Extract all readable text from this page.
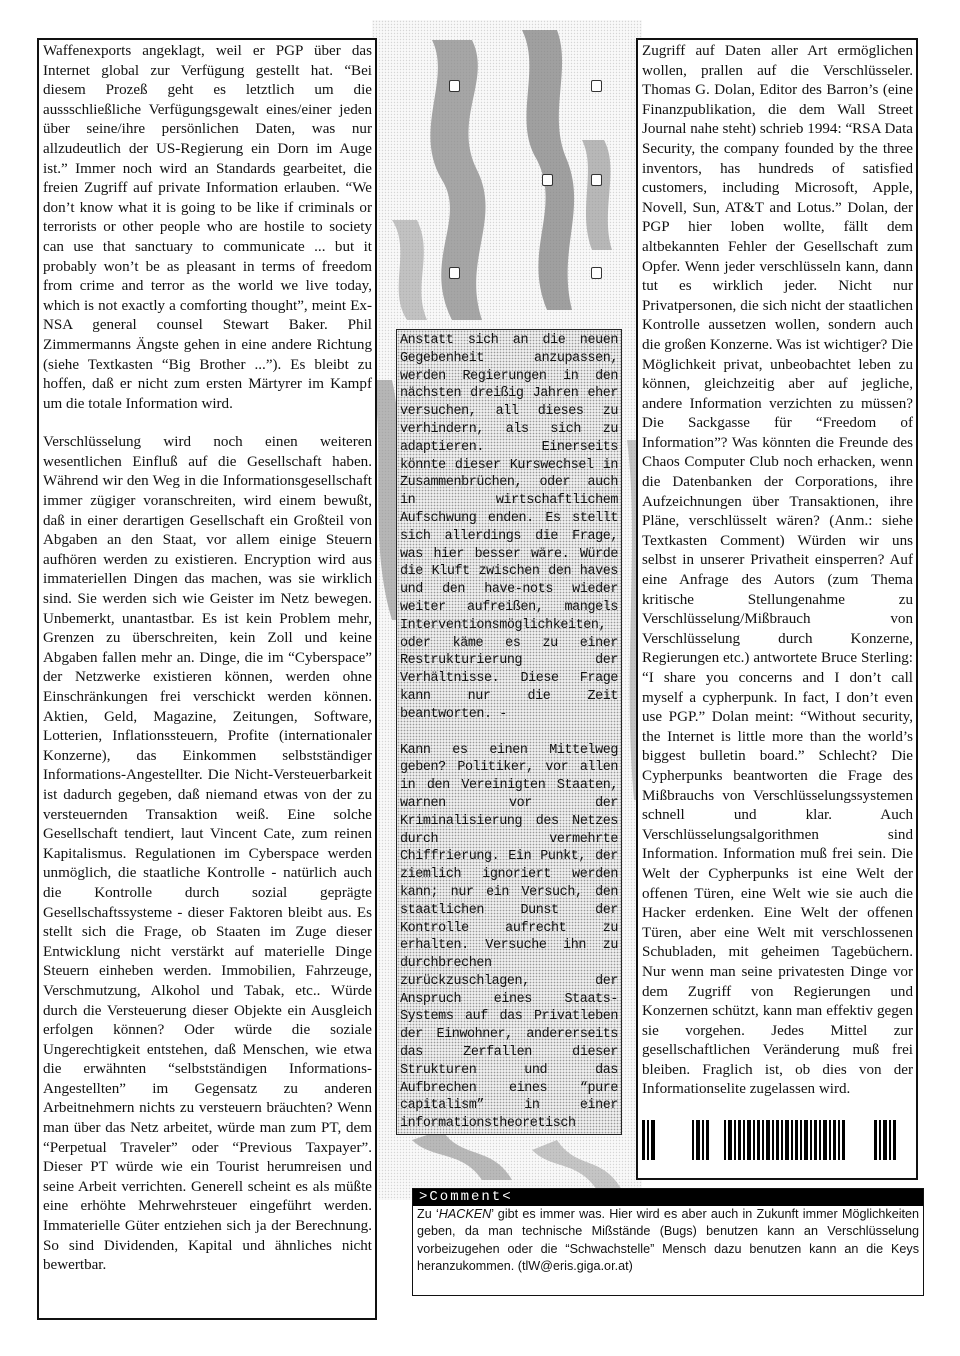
Waffenexports angeklagt, weil er PGP über das Internet global zur Verfügung gestellt hat. “Bei diesem Prozeß geht es letztlich um die aussschließliche Verfügungsgewalt eines/einer jeden über seine/ihre persönlichen Daten, was nur allzudeutlich der US-Regierung ein Dorn im Auge ist.” Immer noch wird an Standards gearbeitet, die freien Zugriff auf private Information erlauben. “We don’t know what it is going to be like if criminals or terrorists or other people who are hostile to society can use that sanctuary to communicate ... but it probably won’t be as pleasant in terms of freedom from crime and terror as the world we live today, which is not exactly a comforting thought”, meint Ex-NSA general counsel Stewart Baker. Phil Zimmermanns Ängste gehen in eine andere Richtung (siehe Textkasten “Big Brother ...”). Es bleibt zu hoffen, daß er nicht zum ersten Märtyrer im Kampf um die totale Information wird.

Verschlüsselung wird noch einen weiteren wesentlichen Einfluß auf die Gesellschaft haben. Während wir den Weg in die Informationsgesellschaft immer zügiger voranschreiten, wird einem bewußt, daß in einer derartigen Gesellschaft ein Großteil von Abgaben an den Staat, vor allem einige Steuern aufhören werden zu existieren. Encryption wird aus immateriellen Dingen das machen, was sie wirklich sind. Sie werden sich wie Geister im Netz bewegen. Unbemerkt, unantastbar. Es ist kein Problem mehr, Grenzen zu überschreiten, kein Zoll und keine Abgaben fallen mehr an. Dinge, die im “Cyberspace” der Netzwerke existieren können, werden ohne Einschränkungen frei verschickt werden können. Aktien, Geld, Magazine, Zeitungen, Software, Lotterien, Inflationssteuern, Profite (internationaler Konzerne), das Einkommen selbstständiger Informations-Angestellter. Die Nicht-Versteuerbarkeit ist dadurch gegeben, daß niemand etwas von der zu versteuernden Transaktion weiß. Eine solche Gesellschaft tendiert, laut Vincent Cate, zum reinen Kapitalismus. Regulationen im Cyberspace werden unmöglich, die staatliche Kontrolle - natürlich auch die Kontrolle durch sozial geprägte Gesellschaftssysteme - dieser Faktoren bleibt aus. Es stellt sich die Frage, ob Staaten im Zuge dieser Entwicklung nicht verstärkt auf materielle Dinge Steuern einheben werden. Immobilien, Fahrzeuge, Verschmutzung, Alkohol und Tabak, etc.. Würde durch die Versteuerung dieser Objekte ein Ausgleich erfolgen können? Oder würde die soziale Ungerechtigkeit entstehen, daß Menschen, wie etwa die erwähnten “selbstständigen Informations-Angestellten” im Gegensatz zu anderen Arbeitnehmern nichts zu versteuern bräuchten? Wenn man über das Netz arbeitet, würde man zum PT, dem “Perpetual Traveler” oder “Previous Taxpayer”. Dieser PT würde wie ein Tourist herumreisen und seine Arbeit verrichten. Generell scheint es als müßte eine erhöhte Mehrwehrsteuer eingeführt werden. Immaterielle Güter entziehen sich ja der Berechnung. So sind Dividenden, Kapital und ähnliches nicht bewertbar.

Anstatt sich an die neuen Gegebenheit anzupassen, werden Regierungen in den nächsten dreißig Jahren eher versuchen, all dieses zu verhindern, als sich zu adaptieren. Einerseits könnte dieser Kurswechsel in Zusammenbrüchen, oder auch in wirtschaftlichem Aufschwung enden. Es stellt sich allerdings die Frage, was hier besser wäre. Würde die Kluft zwischen den haves und den have-nots wieder weiter aufreißen, mangels Interventionsmöglichkeiten, oder käme es zu einer Restrukturierung der Verhältnisse. Diese Frage kann nur die Zeit beantworten. -

Kann es einen Mittelweg geben? Politiker, vor allen in den Vereinigten Staaten, warnen vor der Kriminalisierung des Netzes durch vermehrte Chiffrierung. Ein Punkt, der ziemlich ignoriert werden kann; nur ein Versuch, den staatlichen Dunst der Kontrolle aufrecht zu erhalten. Versuche ihn zu durchbrechen zurückzuschlagen, der Anspruch eines Staats-Systems auf das Privatleben der Einwohner, andererseits das Zerfallen dieser Strukturen und das Aufbrechen eines “pure capitalism” in einer informationstheoretisch

Zugriff auf Daten aller Art ermöglichen wollen, prallen auf die Verschlüsseler. Thomas G. Dolan, Editor des Barron’s (eine Finanzpublikation, die dem Wall Street Journal nahe steht) schrieb 1994: “RSA Data Security, the company founded by the three inventors, has hundreds of satisfied customers, including Microsoft, Apple, Novell, Sun, AT&T and Lotus.” Dolan, der PGP hier loben wollte, fällt dem altbekannten Fehler der Gesellschaft zum Opfer. Wenn jeder verschlüsseln kann, dann tut es wirklich jeder. Nicht nur Privatpersonen, die sich nicht der staatlichen Kontrolle aussetzen wollen, sondern auch die großen Konzerne. Was ist wichtiger? Die Möglichkeit privat, unbeobachtet leben zu können, gleichzeitig aber auf jegliche, andere Information verzichten zu müssen? Die Sackgasse für “Freedom of Information”? Was könnten die Freunde des Chaos Computer Club noch erhacken, wenn die Datenbanken der Corporations, ihre Aufzeichnungen über Transaktionen, ihre Pläne, verschlüsselt wären? (Anm.: siehe Textkasten Comment) Würden wir uns selbst in unserer Privatheit einsperren? Auf eine Anfrage des Autors (zum Thema kritische Stellungenahme zu Verschlüsselung/Mißbrauch von Verschlüsselung durch Konzerne, Regierungen etc.) antwortete Bruce Sterling: “I share you concerns and I don’t call myself a cypherpunk. In fact, I don’t even use PGP.” Dolan meint: “Without security, the Internet is little more than the world’s biggest bulletin board.” Schlecht? Die Cypherpunks beantworten die Frage des Mißbrauchs von Verschlüsselungssystemen schnell und klar. Auch Verschlüsselungsalgorithmen sind Information. Information muß frei sein. Die Welt der Cypherpunks ist eine Welt der offenen Türen, eine Welt wie sie auch die Hacker erdenken. Eine Welt der offenen Türen, aber eine Welt mit verschlossenen Schubladen, mit geheimen Tagebüchern. Nur wenn man seine privatesten Dinge vor dem Zugriff von Regierungen und Konzernen schützt, kann man effektiv gegen sie vorgehen. Jedes Mittel zur gesellschaftlichen Veränderung muß frei bleiben. Fraglich ist, ob dies von der Informationselite zugelassen wird.

>Comment<
Zu ‘HACKEN’ gibt es immer was. Hier wird es aber auch in Zukunft immer Möglichkeiten geben, da man technische Mißstände (Bugs) benutzen kann an Verschlüsselung vorbeizugehen oder die “Schwachstelle” Mensch dazu benutzen kann an die Keys heranzukommen. (tlW@eris.giga.or.at)
